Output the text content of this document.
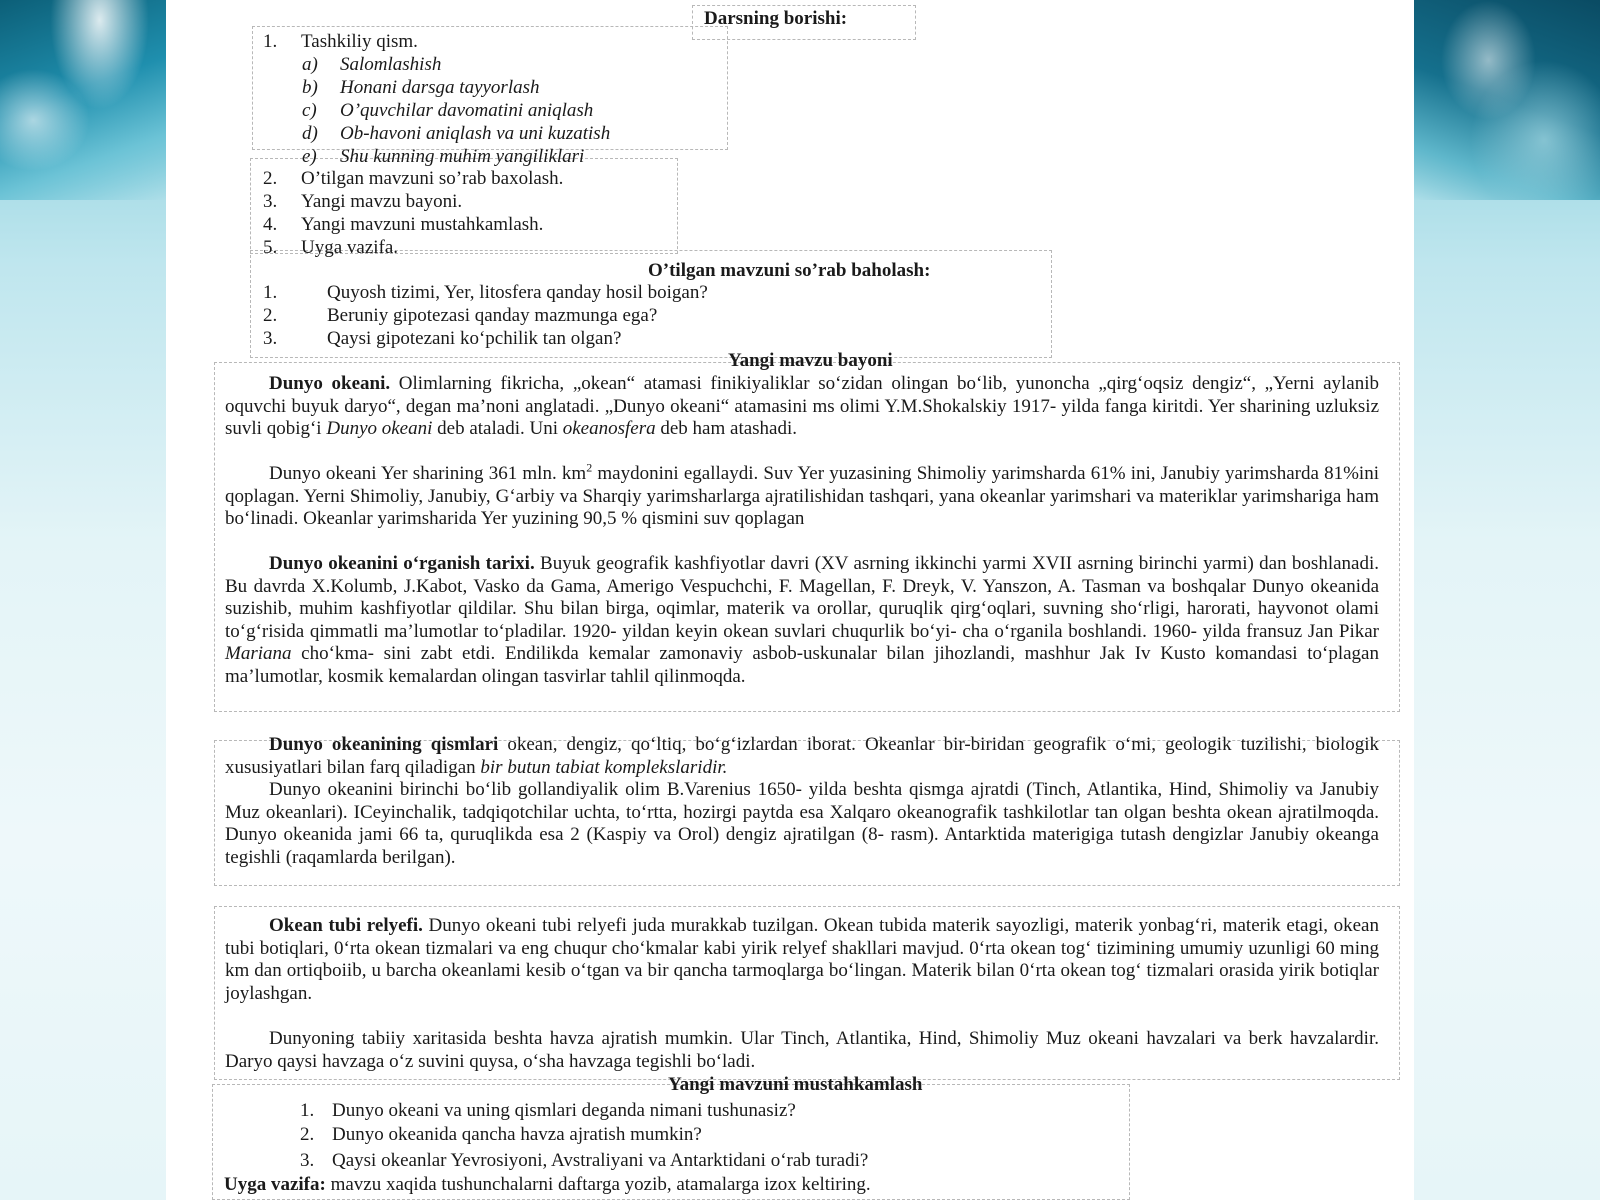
Darsning borishi:
1. Tashkiliy qism.
a) Salomlashish
b) Honani darsga tayyorlash
c) O’quvchilar davomatini aniqlash
d) Ob-havoni aniqlash va uni kuzatish
e) Shu kunning muhim yangiliklari
2. O’tilgan mavzuni so’rab baxolash.
3. Yangi mavzu bayoni.
4. Yangi mavzuni mustahkamlash.
5. Uyga vazifa.
O’tilgan mavzuni so’rab baholash:
1.	Quyosh tizimi, Yer, litosfera qanday hosil boigan?
2.	Beruniy gipotezasi qanday mazmunga ega?
3.	Qaysi gipotezani ko‘pchilik tan olgan?
Yangi mavzu bayoni
Dunyo okeani. Olimlarning fikricha, „okean“ atamasi finikiyaliklar so‘zidan olingan bo‘lib, yunoncha „qirg‘oqsiz dengiz“, „Yerni aylanib oquvchi buyuk daryo“, degan ma’noni anglatadi. „Dunyo okeani“ atamasini ms olimi Y.M.Shokalskiy 1917- yilda fanga kiritdi. Yer sharining uzluksiz suvli qobig‘i Dunyo okeani deb ataladi. Uni okeanosfera deb ham atashadi.
Dunyo okeani Yer sharining 361 mln. $km^2$ maydonini egallaydi. Suv Yer yuzasining Shimoliy yarimsharda 61% ini, Janubiy yarimsharda 81%ini qoplagan. Yerni Shimoliy, Janubiy, G‘arbiy va Sharqiy yarimsharlarga ajratilishidan tashqari, yana okeanlar yarimshari va materiklar yarimshariga ham bo‘linadi. Okeanlar yarimsharida Yer yuzining 90,5 % qismini suv qoplagan
Dunyo okeanini o‘rganish tarixi. Buyuk geografik kashfiyotlar davri (XV asrning ikkinchi yarmi XVII asrning birinchi yarmi) dan boshlanadi. Bu davrda X.Kolumb, J.Kabot, Vasko da Gama, Amerigo Vespuchchi, F. Magellan, F. Dreyk, V. Yanszon, A. Tasman va boshqalar Dunyo okeanida suzishib, muhim kashfiyotlar qildilar. Shu bilan birga, oqimlar, materik va orollar, quruqlik qirg‘oqlari, suvning sho‘rligi, harorati, hayvonot olami to‘g‘risida qimmatli ma’lumotlar to‘pladilar. 1920- yildan keyin okean suvlari chuqurlik bo‘yi- cha o‘rganila boshlandi. 1960- yilda fransuz Jan Pikar Mariana cho‘kma- sini zabt etdi. Endilikda kemalar zamonaviy asbob-uskunalar bilan jihozlandi, mashhur Jak Iv Kusto komandasi to‘plagan ma’lumotlar, kosmik kemalardan olingan tasvirlar tahlil qilinmoqda.
Dunyo okeanining qismlari okean, dengiz, qo‘ltiq, bo‘g‘izlardan iborat. Okeanlar bir-biridan geografik o‘mi, geologik tuzilishi, biologik xususiyatlari bilan farq qiladigan bir butun tabiat komplekslaridir.
Dunyo okeanini birinchi bo‘lib gollandiyalik olim B.Varenius 1650- yilda beshta qismga ajratdi (Tinch, Atlantika, Hind, Shimoliy va Janubiy Muz okeanlari). ICeyinchalik, tadqiqotchilar uchta, to‘rtta, hozirgi paytda esa Xalqaro okeanografik tashkilotlar tan olgan beshta okean ajratilmoqda. Dunyo okeanida jami 66 ta, quruqlikda esa 2 (Kaspiy va Orol) dengiz ajratilgan (8- rasm). Antarktida materigiga tutash dengizlar Janubiy okeanga tegishli (raqamlarda berilgan).
Okean tubi relyefi. Dunyo okeani tubi relyefi juda murakkab tuzilgan. Okean tubida materik sayozligi, materik yonbag‘ri, materik etagi, okean tubi botiqlari, 0‘rta okean tizmalari va eng chuqur cho‘kmalar kabi yirik relyef shakllari mavjud. 0‘rta okean tog‘ tizimining umumiy uzunligi 60 ming km dan ortiqboiib, u barcha okeanlami kesib o‘tgan va bir qancha tarmoqlarga bo‘lingan. Materik bilan 0‘rta okean tog‘ tizmalari orasida yirik botiqlar joylashgan.
Dunyoning tabiiy xaritasida beshta havza ajratish mumkin. Ular Tinch, Atlantika, Hind, Shimoliy Muz okeani havzalari va berk havzalardir. Daryo qaysi havzaga o‘z suvini quysa, o‘sha havzaga tegishli bo‘ladi.
Yangi mavzuni mustahkamlash
1. Dunyo okeani va uning qismlari deganda nimani tushunasiz?
2. Dunyo okeanida qancha havza ajratish mumkin?
3. Qaysi okeanlar Yevrosiyoni, Avstraliyani va Antarktidani o‘rab turadi?
Uyga vazifa: mavzu xaqida tushunchalarni daftarga yozib, atamalarga izox keltiring.
